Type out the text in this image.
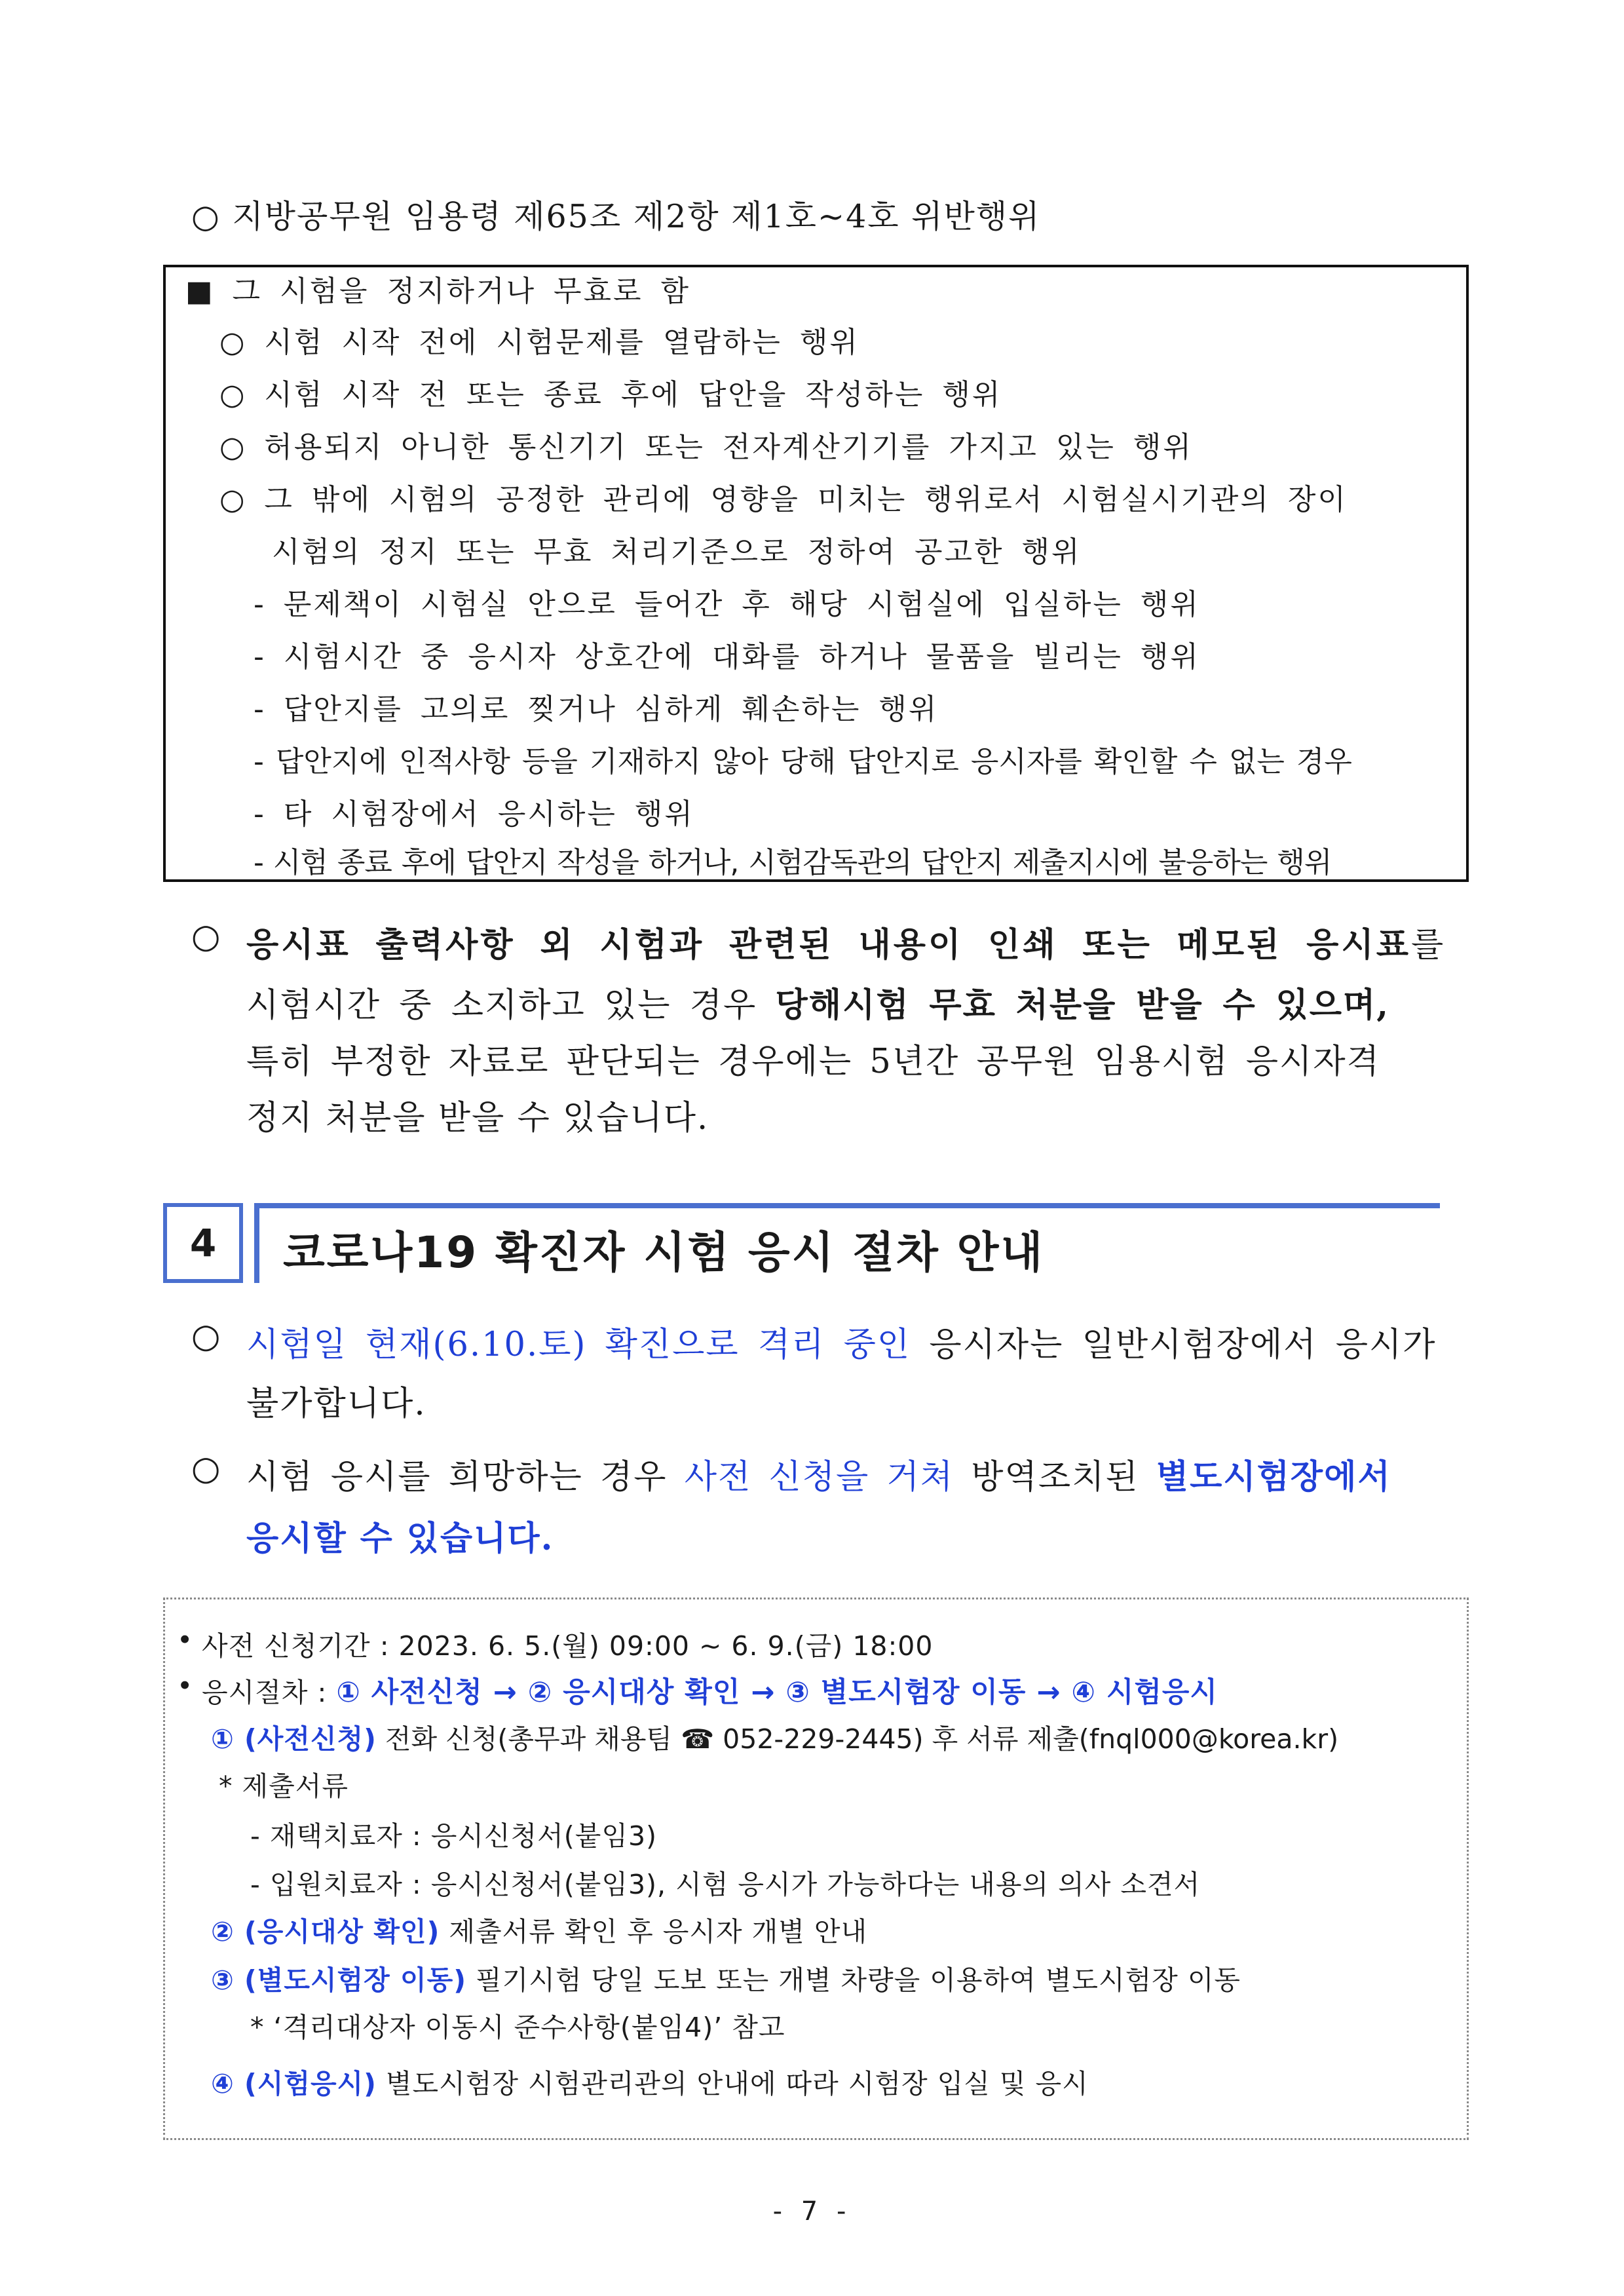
○ 지방공무원 임용령 제65조 제2항 제1호~4호 위반행위
■ 그 시험을 정지하거나 무효로 함
○ 시험 시작 전에 시험문제를 열람하는 행위
○ 시험 시작 전 또는 종료 후에 답안을 작성하는 행위
○ 허용되지 아니한 통신기기 또는 전자계산기기를 가지고 있는 행위
○ 그 밖에 시험의 공정한 관리에 영향을 미치는 행위로서 시험실시기관의 장이
시험의 정지 또는 무효 처리기준으로 정하여 공고한 행위
- 문제책이 시험실 안으로 들어간 후 해당 시험실에 입실하는 행위
- 시험시간 중 응시자 상호간에 대화를 하거나 물품을 빌리는 행위
- 답안지를 고의로 찢거나 심하게 훼손하는 행위
- 답안지에 인적사항 등을 기재하지 않아 당해 답안지로 응시자를 확인할 수 없는 경우
- 타 시험장에서 응시하는 행위
- 시험 종료 후에 답안지 작성을 하거나, 시험감독관의 답안지 제출지시에 불응하는 행위
○ 응시표 출력사항 외 시험과 관련된 내용이 인쇄 또는 메모된 응시표를
시험시간 중 소지하고 있는 경우 당해시험 무효 처분을 받을 수 있으며,
특히 부정한 자료로 판단되는 경우에는 5년간 공무원 임용시험 응시자격
정지 처분을 받을 수 있습니다.
4 코로나19 확진자 시험 응시 절차 안내
○ 시험일 현재(6.10.토) 확진으로 격리 중인 응시자는 일반시험장에서 응시가
불가합니다.
○ 시험 응시를 희망하는 경우 사전 신청을 거쳐 방역조치된 별도시험장에서
응시할 수 있습니다.
• 사전 신청기간 : 2023. 6. 5.(월) 09:00 ~ 6. 9.(금) 18:00
• 응시절차 : ① 사전신청 → ② 응시대상 확인 → ③ 별도시험장 이동 → ④ 시험응시
① (사전신청) 전화 신청(총무과 채용팀 ☎ 052-229-2445) 후 서류 제출(fnql000@korea.kr)
* 제출서류
- 재택치료자 : 응시신청서(붙임3)
- 입원치료자 : 응시신청서(붙임3), 시험 응시가 가능하다는 내용의 의사 소견서
② (응시대상 확인) 제출서류 확인 후 응시자 개별 안내
③ (별도시험장 이동) 필기시험 당일 도보 또는 개별 차량을 이용하여 별도시험장 이동
* ‘격리대상자 이동시 준수사항(붙임4)’ 참고
④ (시험응시) 별도시험장 시험관리관의 안내에 따라 시험장 입실 및 응시
- 7 -
